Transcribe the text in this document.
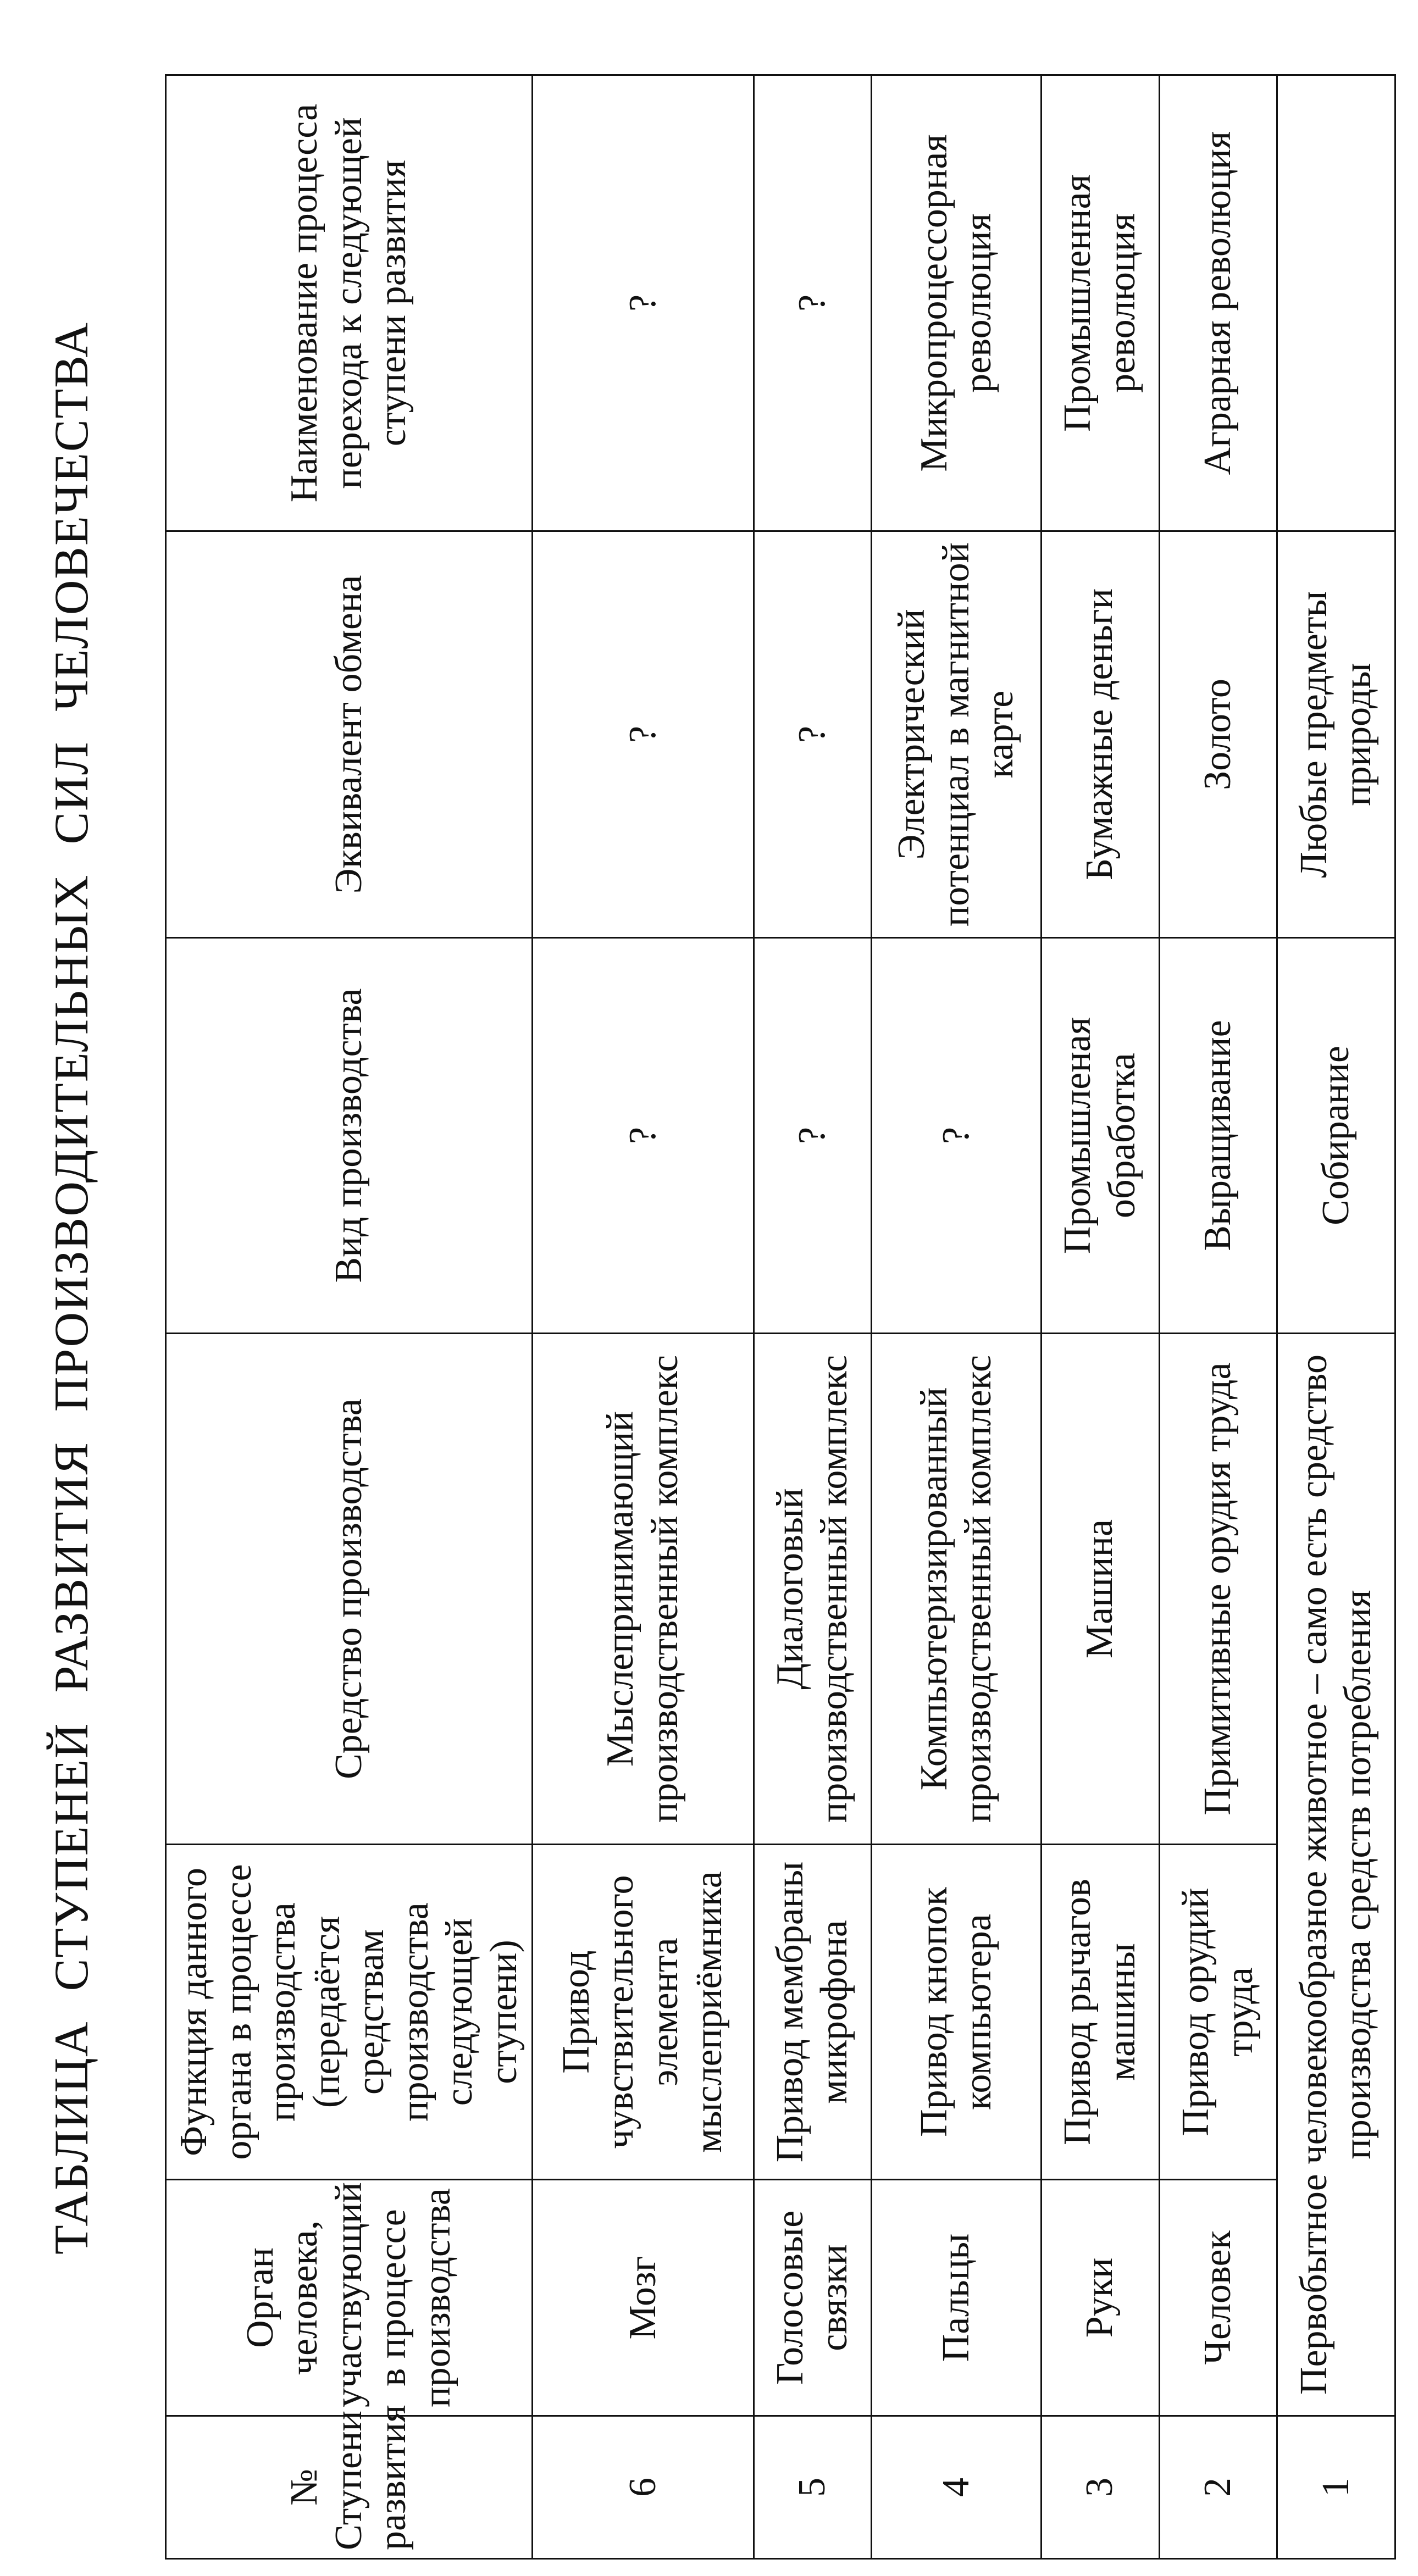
ТАБЛИЦА СТУПЕНЕЙ РАЗВИТИЯ ПРОИЗВОДИТЕЛЬНЫХ СИЛ ЧЕЛОВЕЧЕСТВА
№ Ступени развития	Орган человека, участвующий в процессе производства	Функция данного органа в процессе производства (передаётся средствам производства следующей ступени)	Средство производства	Вид производства	Эквивалент обмена	Наименование процесса перехода к следующей ступени развития
6	Мозг	Привод чувствительного элемента мыслеприёмника	Мыслепринимающий производственный комплекс	?	?	?
5	Голосовые связки	Привод мембраны микрофона	Диалоговый производственный комплекс	?	?	?
4	Пальцы	Привод кнопок компьютера	Компьютеризированный производственный комплекс	?	Электрический потенциал в магнитной карте	Микропроцессорная революция
3	Руки	Привод рычагов машины	Машина	Промышленая обработка	Бумажные деньги	Промышленная революция
2	Человек	Привод орудий труда	Примитивные орудия труда	Выращивание	Золото	Аграрная революция
1	Первобытное человекообразное животное – само есть средство производства средств потребления			Собирание	Любые предметы природы	
